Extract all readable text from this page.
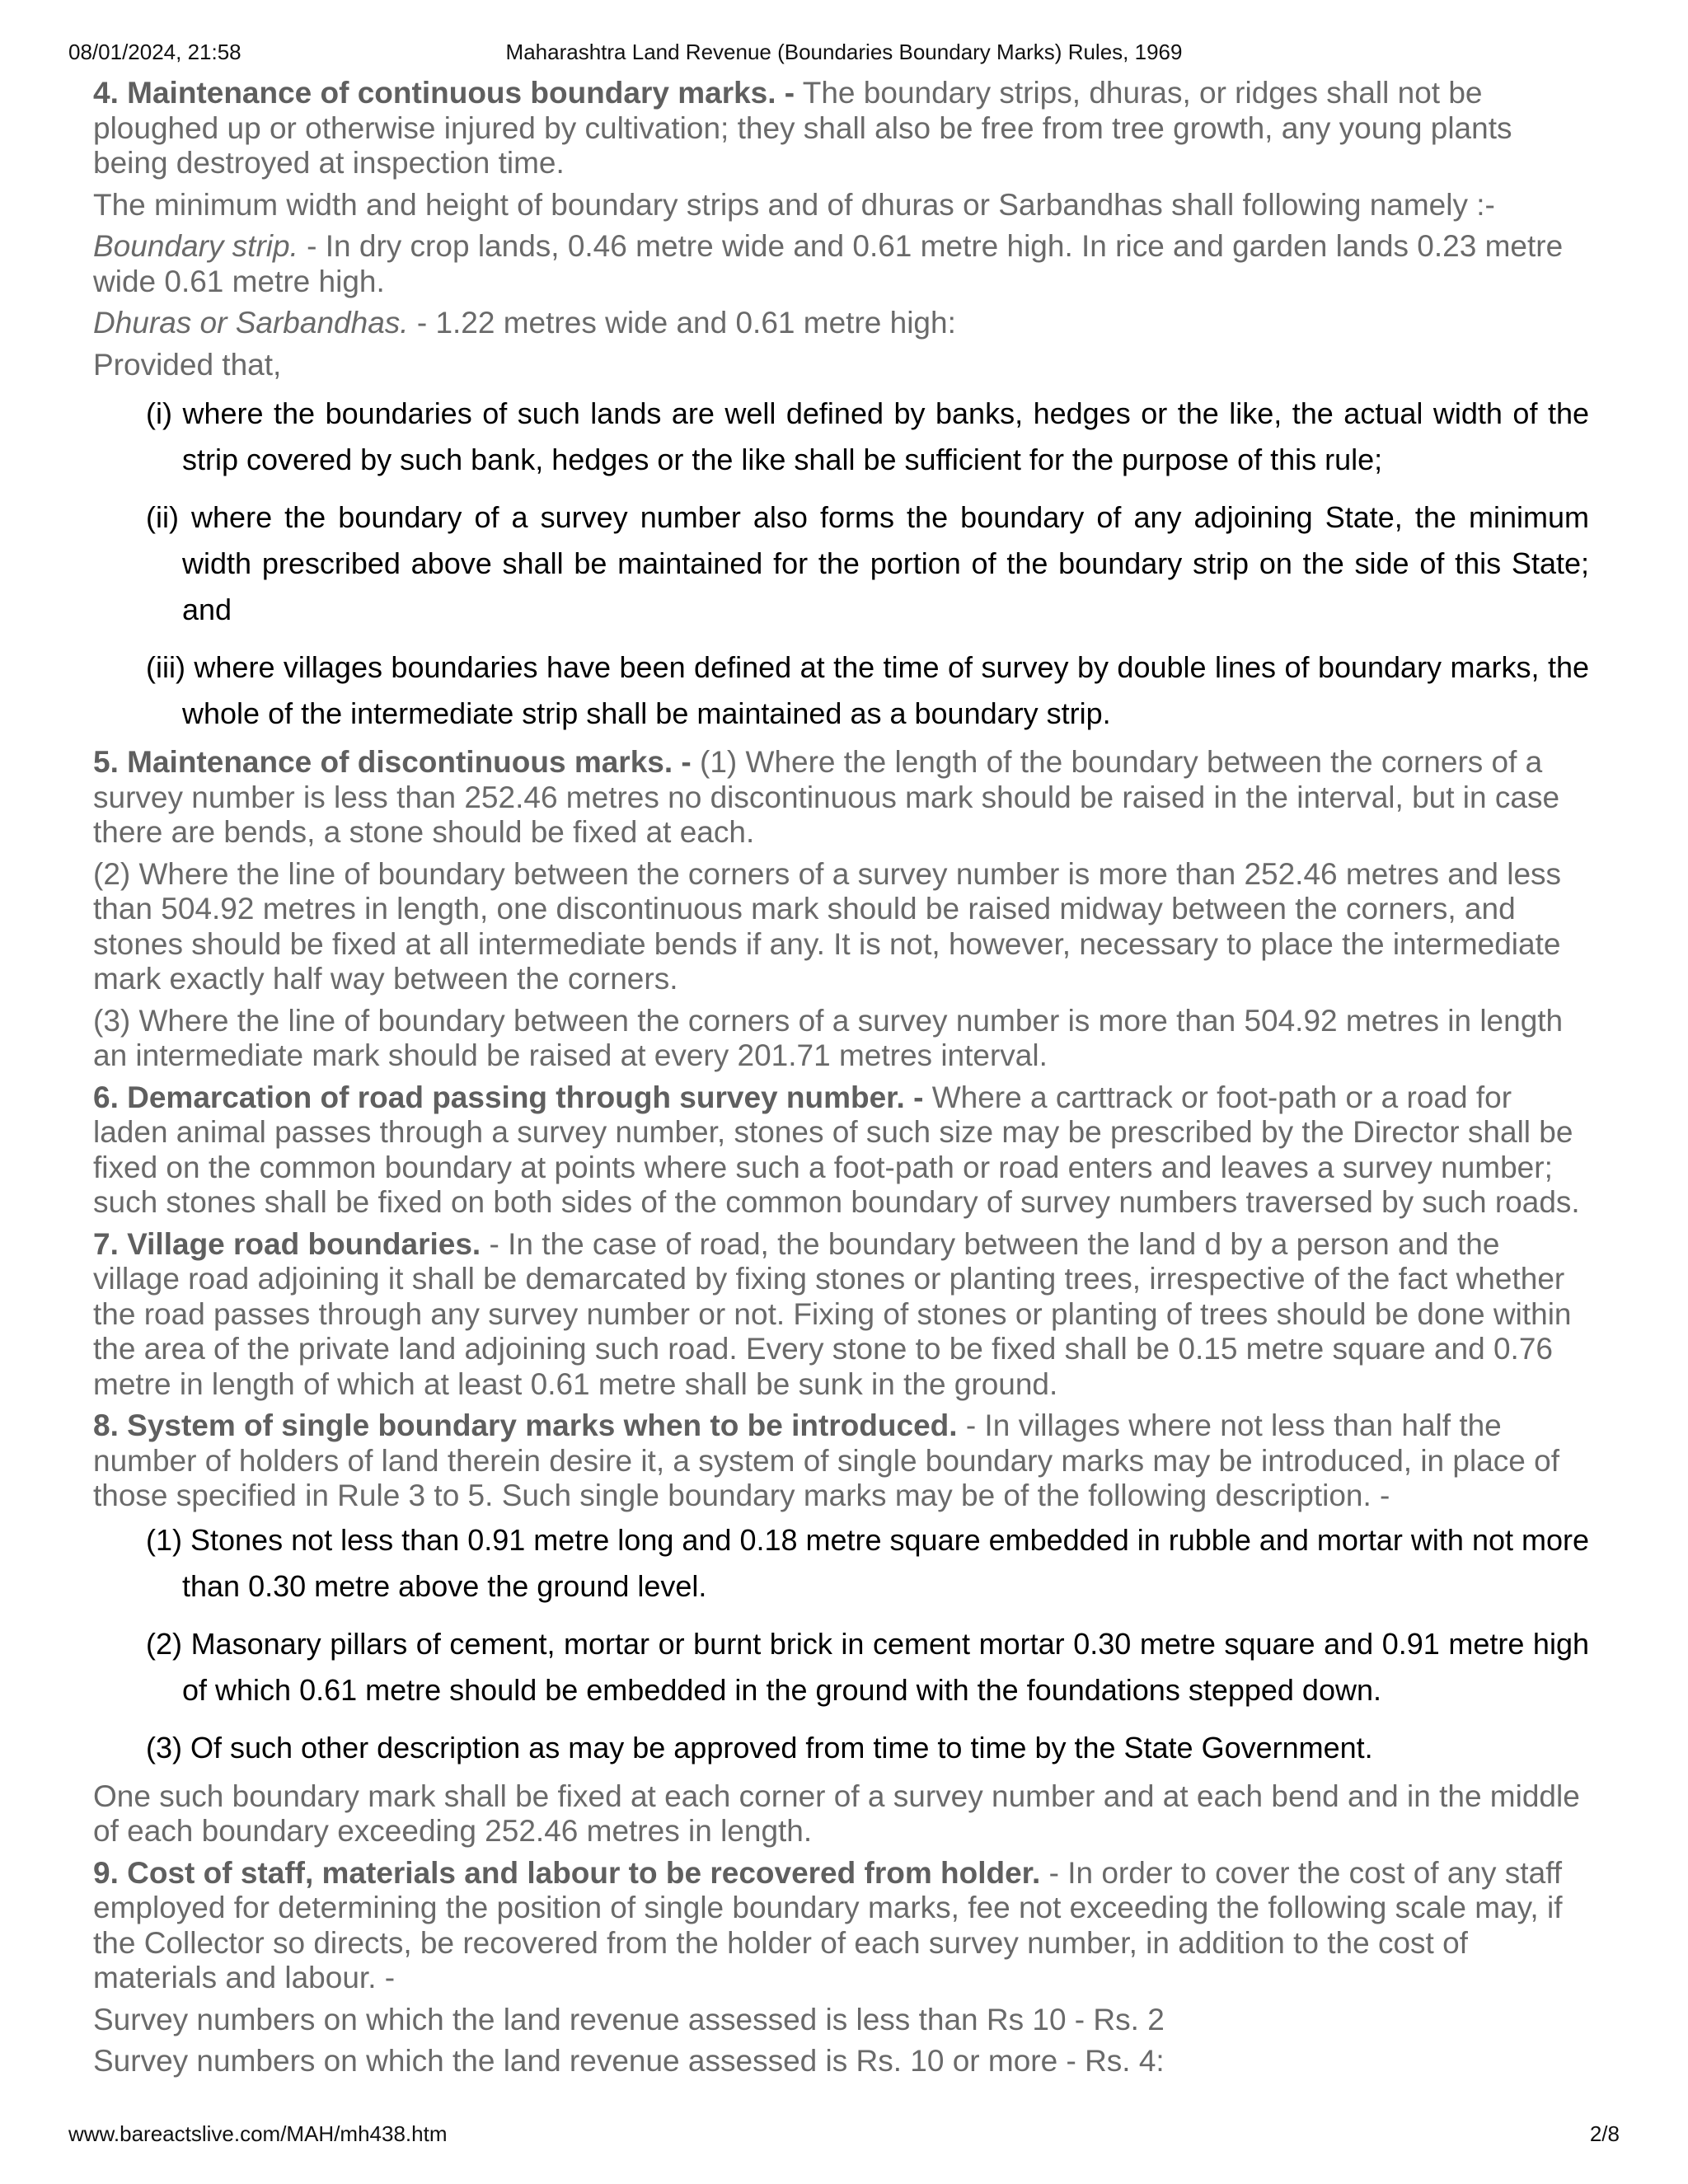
08/01/2024, 21:58	Maharashtra Land Revenue (Boundaries Boundary Marks) Rules, 1969

4. Maintenance of continuous boundary marks. - The boundary strips, dhuras, or ridges shall not be ploughed up or otherwise injured by cultivation; they shall also be free from tree growth, any young plants being destroyed at inspection time.

The minimum width and height of boundary strips and of dhuras or Sarbandhas shall following namely :-

Boundary strip. - In dry crop lands, 0.46 metre wide and 0.61 metre high. In rice and garden lands 0.23 metre wide 0.61 metre high.

Dhuras or Sarbandhas. - 1.22 metres wide and 0.61 metre high:

Provided that,

(i) where the boundaries of such lands are well defined by banks, hedges or the like, the actual width of the strip covered by such bank, hedges or the like shall be sufficient for the purpose of this rule;
(ii) where the boundary of a survey number also forms the boundary of any adjoining State, the minimum width prescribed above shall be maintained for the portion of the boundary strip on the side of this State; and
(iii) where villages boundaries have been defined at the time of survey by double lines of boundary marks, the whole of the intermediate strip shall be maintained as a boundary strip.

5. Maintenance of discontinuous marks. - (1) Where the length of the boundary between the corners of a survey number is less than 252.46 metres no discontinuous mark should be raised in the interval, but in case there are bends, a stone should be fixed at each.

(2) Where the line of boundary between the corners of a survey number is more than 252.46 metres and less than 504.92 metres in length, one discontinuous mark should be raised midway between the corners, and stones should be fixed at all intermediate bends if any. It is not, however, necessary to place the intermediate mark exactly half way between the corners.

(3) Where the line of boundary between the corners of a survey number is more than 504.92 metres in length an intermediate mark should be raised at every 201.71 metres interval.

6. Demarcation of road passing through survey number. - Where a carttrack or foot-path or a road for laden animal passes through a survey number, stones of such size may be prescribed by the Director shall be fixed on the common boundary at points where such a foot-path or road enters and leaves a survey number; such stones shall be fixed on both sides of the common boundary of survey numbers traversed by such roads.

7. Village road boundaries. - In the case of road, the boundary between the land d by a person and the village road adjoining it shall be demarcated by fixing stones or planting trees, irrespective of the fact whether the road passes through any survey number or not. Fixing of stones or planting of trees should be done within the area of the private land adjoining such road. Every stone to be fixed shall be 0.15 metre square and 0.76 metre in length of which at least 0.61 metre shall be sunk in the ground.

8. System of single boundary marks when to be introduced. - In villages where not less than half the number of holders of land therein desire it, a system of single boundary marks may be introduced, in place of those specified in Rule 3 to 5. Such single boundary marks may be of the following description. -

(1) Stones not less than 0.91 metre long and 0.18 metre square embedded in rubble and mortar with not more than 0.30 metre above the ground level.
(2) Masonary pillars of cement, mortar or burnt brick in cement mortar 0.30 metre square and 0.91 metre high of which 0.61 metre should be embedded in the ground with the foundations stepped down.
(3) Of such other description as may be approved from time to time by the State Government.

One such boundary mark shall be fixed at each corner of a survey number and at each bend and in the middle of each boundary exceeding 252.46 metres in length.

9. Cost of staff, materials and labour to be recovered from holder. - In order to cover the cost of any staff employed for determining the position of single boundary marks, fee not exceeding the following scale may, if the Collector so directs, be recovered from the holder of each survey number, in addition to the cost of materials and labour. -

Survey numbers on which the land revenue assessed is less than Rs 10 - Rs. 2

Survey numbers on which the land revenue assessed is Rs. 10 or more - Rs. 4:

www.bareactslive.com/MAH/mh438.htm	2/8
